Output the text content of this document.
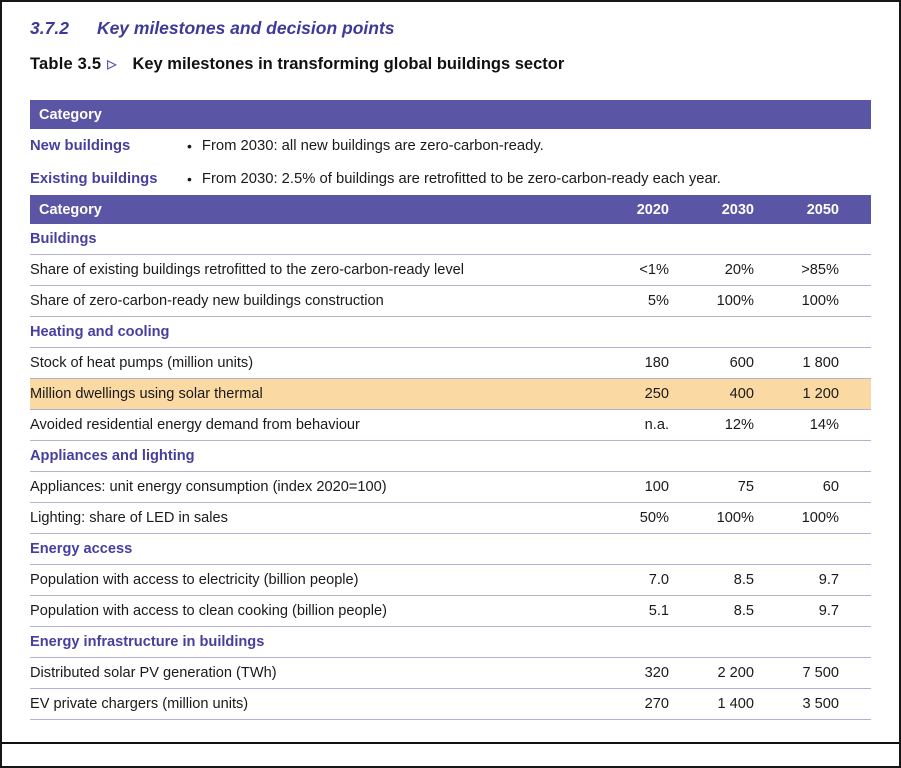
3.7.2 Key milestones and decision points
Table 3.5 ▷ Key milestones in transforming global buildings sector
Category
New buildings	• From 2030: all new buildings are zero-carbon-ready.
Existing buildings	• From 2030: 2.5% of buildings are retrofitted to be zero-carbon-ready each year.
Category	2020	2030	2050
Buildings
Share of existing buildings retrofitted to the zero-carbon-ready level	<1%	20%	>85%
Share of zero-carbon-ready new buildings construction	5%	100%	100%
Heating and cooling
Stock of heat pumps (million units)	180	600	1 800
Million dwellings using solar thermal	250	400	1 200
Avoided residential energy demand from behaviour	n.a.	12%	14%
Appliances and lighting
Appliances: unit energy consumption (index 2020=100)	100	75	60
Lighting: share of LED in sales	50%	100%	100%
Energy access
Population with access to electricity (billion people)	7.0	8.5	9.7
Population with access to clean cooking (billion people)	5.1	8.5	9.7
Energy infrastructure in buildings
Distributed solar PV generation (TWh)	320	2 200	7 500
EV private chargers (million units)	270	1 400	3 500
